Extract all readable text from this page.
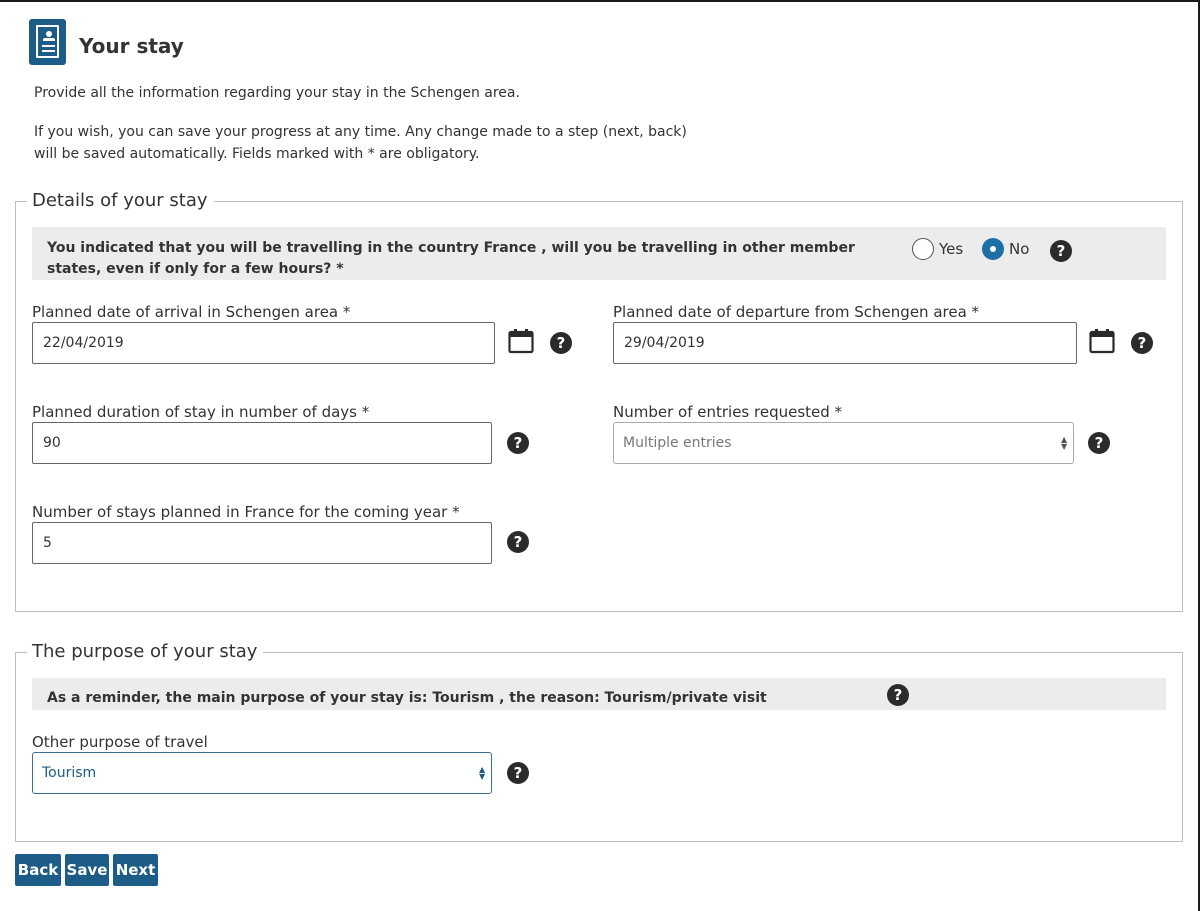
Your stay
Provide all the information regarding your stay in the Schengen area.
If you wish, you can save your progress at any time. Any change made to a step (next, back) will be saved automatically. Fields marked with * are obligatory.
Details of your stay
You indicated that you will be travelling in the country France , will you be travelling in other member states, even if only for a few hours? *
Yes	No	?
Planned date of arrival in Schengen area *
22/04/2019
?
Planned date of departure from Schengen area *
29/04/2019
?
Planned duration of stay in number of days *
90
?
Number of entries requested *
Multiple entries	▲
▼	?
Number of stays planned in France for the coming year *
5
?
The purpose of your stay
As a reminder, the main purpose of your stay is: Tourism , the reason: Tourism/private visit	?
Other purpose of travel
Tourism	▲
▼	?
Back Save Next
